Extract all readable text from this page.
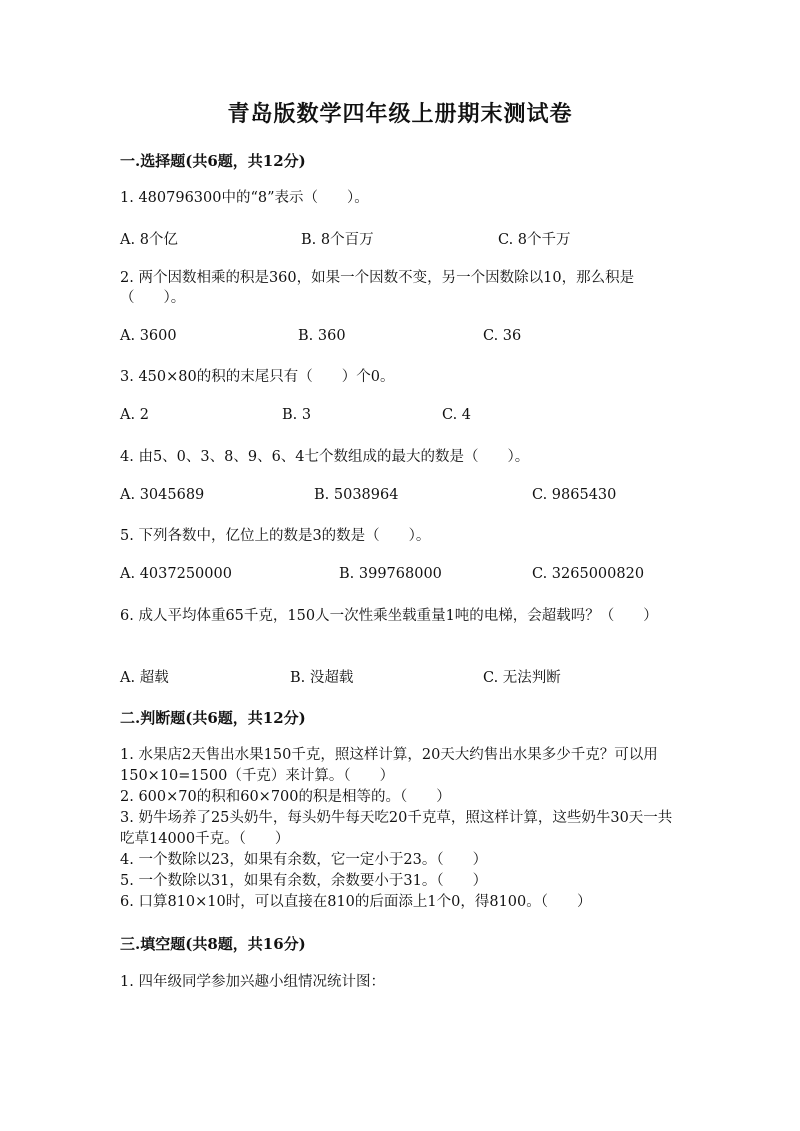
青岛版数学四年级上册期末测试卷
一.选择题(共6题，共12分)
1. 480796300中的“8”表示（　　）。
A. 8个亿	B. 8个百万	C. 8个千万
2. 两个因数相乘的积是360，如果一个因数不变，另一个因数除以10，那么积是（　　）。
A. 3600	B. 360	C. 36
3. 450×80的积的末尾只有（　　）个0。
A. 2	B. 3	C. 4
4. 由5、0、3、8、9、6、4七个数组成的最大的数是（　　）。
A. 3045689	B. 5038964	C. 9865430
5. 下列各数中，亿位上的数是3的数是（　　）。
A. 4037250000	B. 399768000	C. 3265000820
6. 成人平均体重65千克，150人一次性乘坐载重量1吨的电梯，会超载吗？（　　）
A. 超载	B. 没超载	C. 无法判断
二.判断题(共6题，共12分)
1. 水果店2天售出水果150千克，照这样计算，20天大约售出水果多少千克？可以用150×10=1500（千克）来计算。（　　）
2. 600×70的积和60×700的积是相等的。（　　）
3. 奶牛场养了25头奶牛，每头奶牛每天吃20千克草，照这样计算，这些奶牛30天一共吃草14000千克。（　　）
4. 一个数除以23，如果有余数，它一定小于23。（　　）
5. 一个数除以31，如果有余数，余数要小于31。（　　）
6. 口算810×10时，可以直接在810的后面添上1个0，得8100。（　　）
三.填空题(共8题，共16分)
1. 四年级同学参加兴趣小组情况统计图：
